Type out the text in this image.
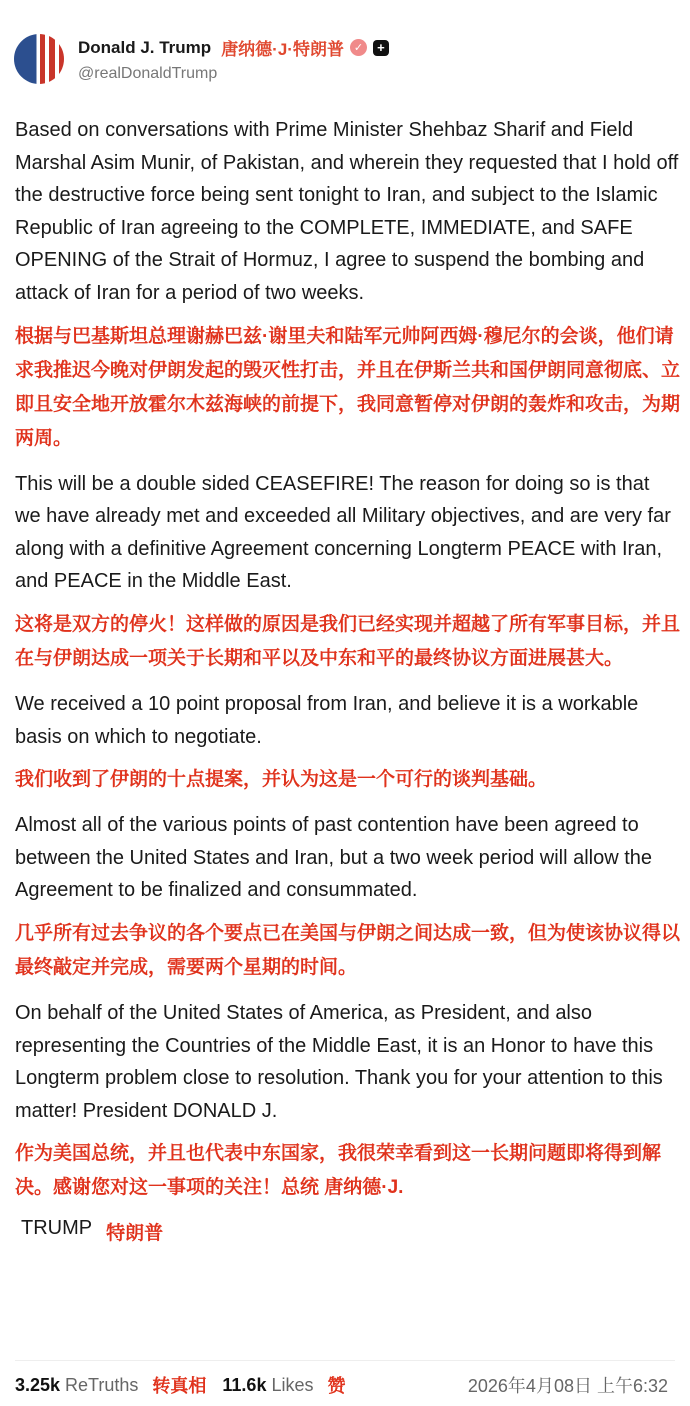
Donald J. Trump 唐纳德·J·特朗普 ✓	+
@realDonaldTrump

Based on conversations with Prime Minister Shehbaz Sharif and Field Marshal Asim Munir, of Pakistan, and wherein they requested that I hold off the destructive force being sent tonight to Iran, and subject to the Islamic Republic of Iran agreeing to the COMPLETE, IMMEDIATE, and SAFE OPENING of the Strait of Hormuz, I agree to suspend the bombing and attack of Iran for a period of two weeks.

根据与巴基斯坦总理谢赫巴兹·谢里夫和陆军元帅阿西姆·穆尼尔的会谈，他们请求我推迟今晚对伊朗发起的毁灭性打击，并且在伊斯兰共和国伊朗同意彻底、立即且安全地开放霍尔木兹海峡的前提下，我同意暂停对伊朗的轰炸和攻击，为期两周。

This will be a double sided CEASEFIRE! The reason for doing so is that we have already met and exceeded all Military objectives, and are very far along with a definitive Agreement concerning Longterm PEACE with Iran, and PEACE in the Middle East.

这将是双方的停火！这样做的原因是我们已经实现并超越了所有军事目标，并且在与伊朗达成一项关于长期和平以及中东和平的最终协议方面进展甚大。

We received a 10 point proposal from Iran, and believe it is a workable basis on which to negotiate.

我们收到了伊朗的十点提案，并认为这是一个可行的谈判基础。

Almost all of the various points of past contention have been agreed to between the United States and Iran, but a two week period will allow the Agreement to be finalized and consummated.

几乎所有过去争议的各个要点已在美国与伊朗之间达成一致，但为使该协议得以最终敲定并完成，需要两个星期的时间。

On behalf of the United States of America, as President, and also representing the Countries of the Middle East, it is an Honor to have this Longterm problem close to resolution. Thank you for your attention to this matter! President DONALD J.

作为美国总统，并且也代表中东国家，我很荣幸看到这一长期问题即将得到解决。感谢您对这一事项的关注！总统 唐纳德·J.

TRUMP 特朗普
3.25k ReTruths 转真相 11.6k Likes 赞	2026年4月08日 上午6:32
